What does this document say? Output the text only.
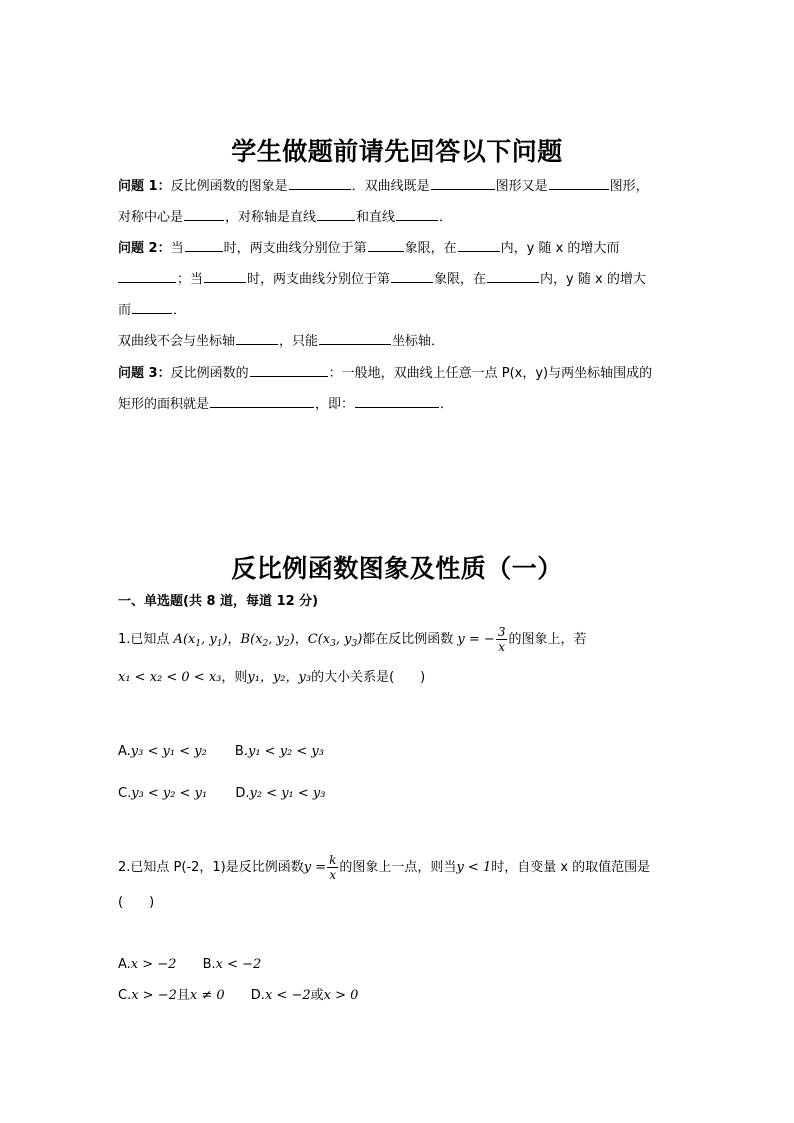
学生做题前请先回答以下问题
问题 1：反比例函数的图象是	．双曲线既是	图形又是	图形，
对称中心是	，对称轴是直线	和直线	．
问题 2：当	时，两支曲线分别位于第	象限，在	内，y 随 x 的增大而
；当	时，两支曲线分别位于第	象限，在	内，y 随 x 的增大
而	．
双曲线不会与坐标轴	，只能	坐标轴．
问题 3：反比例函数的	：一般地，双曲线上任意一点 P(x，y)与两坐标轴围成的
矩形的面积就是	，即：	．
反比例函数图象及性质（一）
一、单选题(共 8 道，每道 12 分)
1.已知点 $A(x_1$, $y_1$)，$B(x_2$, $y_2$)，$C(x_3$, $y_3$)都在反比例函数 y = − $\frac{3}{x}$ 的图象上，若
x₁ < x₂ < 0 < x₃，则y₁，y₂，y₃的大小关系是(　　)
A.y₃ < y₁ < y₂ B.y₁ < y₂ < y₃
C.y₃ < y₂ < y₁ D.y₂ < y₁ < y₃
2.已知点 P(-2，1)是反比例函数$y = \frac{k}{x}$ 的图象上一点，则当y < 1时，自变量 x 的取值范围是
(　　)
A.x > −2 B.x < −2
C.x > −2且x ≠ 0 D.x < −2或x > 0
